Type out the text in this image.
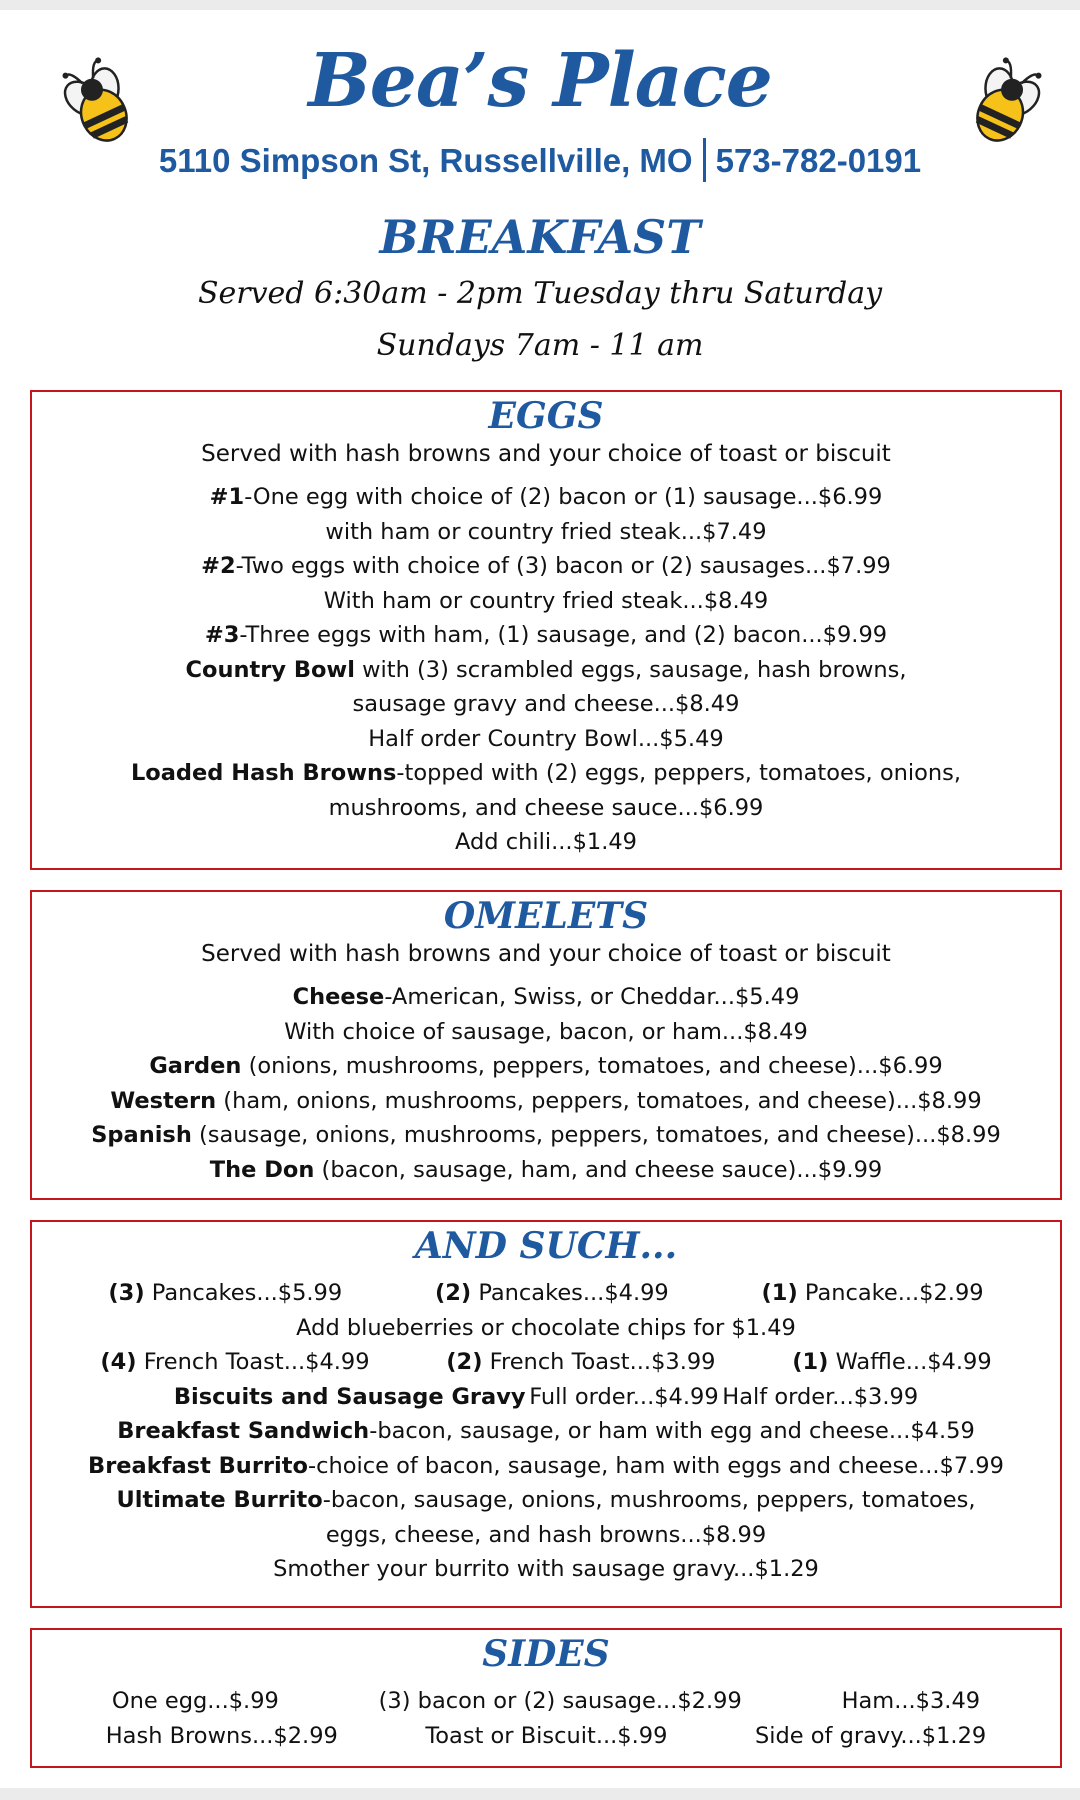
Bea’s Place
5110 Simpson St, Russellville, MO 573-782-0191
BREAKFAST
Served 6:30am - 2pm Tuesday thru Saturday
Sundays 7am - 11 am
EGGS
Served with hash browns and your choice of toast or biscuit
#1-One egg with choice of (2) bacon or (1) sausage...$6.99
with ham or country fried steak...$7.49
#2-Two eggs with choice of (3) bacon or (2) sausages...$7.99
With ham or country fried steak...$8.49
#3-Three eggs with ham, (1) sausage, and (2) bacon...$9.99
Country Bowl with (3) scrambled eggs, sausage, hash browns,
sausage gravy and cheese...$8.49
Half order Country Bowl...$5.49
Loaded Hash Browns-topped with (2) eggs, peppers, tomatoes, onions,
mushrooms, and cheese sauce...$6.99
Add chili...$1.49
OMELETS
Served with hash browns and your choice of toast or biscuit
Cheese-American, Swiss, or Cheddar...$5.49
With choice of sausage, bacon, or ham...$8.49
Garden (onions, mushrooms, peppers, tomatoes, and cheese)...$6.99
Western (ham, onions, mushrooms, peppers, tomatoes, and cheese)...$8.99
Spanish (sausage, onions, mushrooms, peppers, tomatoes, and cheese)...$8.99
The Don (bacon, sausage, ham, and cheese sauce)...$9.99
AND SUCH...
(3) Pancakes...$5.99	(2) Pancakes...$4.99	(1) Pancake...$2.99
Add blueberries or chocolate chips for $1.49
(4) French Toast...$4.99	(2) French Toast...$3.99	(1) Waffle...$4.99
Biscuits and Sausage Gravy Full order...$4.99 Half order...$3.99
Breakfast Sandwich-bacon, sausage, or ham with egg and cheese...$4.59
Breakfast Burrito-choice of bacon, sausage, ham with eggs and cheese...$7.99
Ultimate Burrito-bacon, sausage, onions, mushrooms, peppers, tomatoes,
eggs, cheese, and hash browns...$8.99
Smother your burrito with sausage gravy...$1.29
SIDES
One egg...$.99	(3) bacon or (2) sausage...$2.99	Ham...$3.49
Hash Browns...$2.99	Toast or Biscuit...$.99	Side of gravy...$1.29
